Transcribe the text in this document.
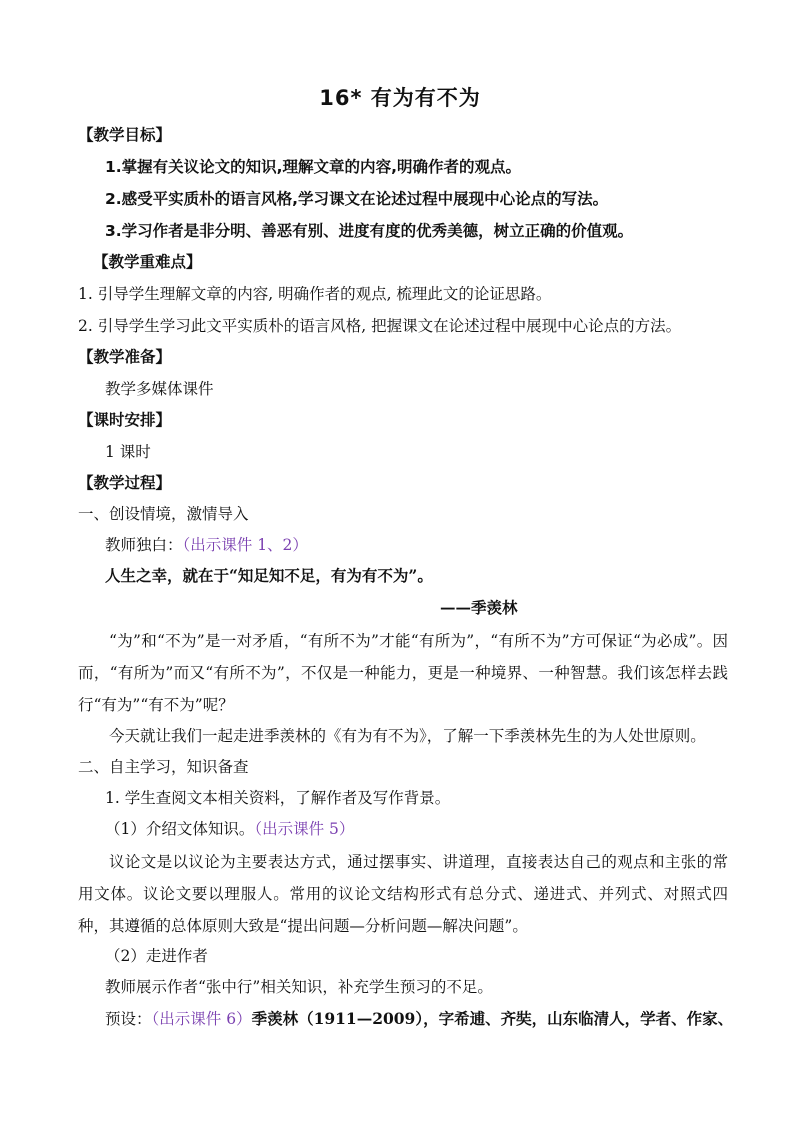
16* 有为有不为
【教学目标】
1.掌握有关议论文的知识,理解文章的内容,明确作者的观点。
2.感受平实质朴的语言风格,学习课文在论述过程中展现中心论点的写法。
3.学习作者是非分明、善恶有别、进度有度的优秀美德，树立正确的价值观。
【教学重难点】
1. 引导学生理解文章的内容, 明确作者的观点, 梳理此文的论证思路。
2. 引导学生学习此文平实质朴的语言风格, 把握课文在论述过程中展现中心论点的方法。
【教学准备】
教学多媒体课件
【课时安排】
1 课时
【教学过程】
一、创设情境，激情导入
教师独白：（出示课件 1、2）
人生之幸，就在于“知足知不足，有为有不为”。
——季羡林
“为”和“不为”是一对矛盾，“有所不为”才能“有所为”，“有所不为”方可保证“为必成”。因而，“有所为”而又“有所不为”，不仅是一种能力，更是一种境界、一种智慧。我们该怎样去践行“有为”“有不为”呢？
今天就让我们一起走进季羡林的《有为有不为》，了解一下季羡林先生的为人处世原则。
二、自主学习，知识备查
1. 学生查阅文本相关资料，了解作者及写作背景。
（1）介绍文体知识。（出示课件 5）
议论文是以议论为主要表达方式，通过摆事实、讲道理，直接表达自己的观点和主张的常用文体。议论文要以理服人。常用的议论文结构形式有总分式、递进式、并列式、对照式四种，其遵循的总体原则大致是“提出问题—分析问题—解决问题”。
（2）走进作者
教师展示作者“张中行”相关知识，补充学生预习的不足。
预设：（出示课件 6）季羡林（1911—2009），字希逋、齐奘，山东临清人，学者、作家、
